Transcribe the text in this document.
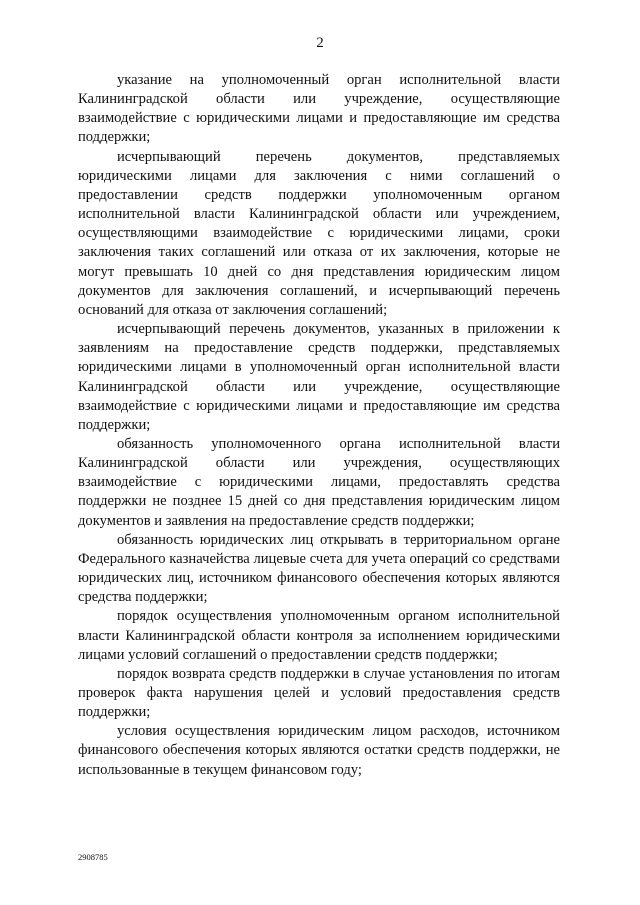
2

указание на уполномоченный орган исполнительной власти Калининградской области или учреждение, осуществляющие взаимодействие с юридическими лицами и предоставляющие им средства поддержки;

исчерпывающий перечень документов, представляемых юридическими лицами для заключения с ними соглашений о предоставлении средств поддержки уполномоченным органом исполнительной власти Калининградской области или учреждением, осуществляющими взаимодействие с юридическими лицами, сроки заключения таких соглашений или отказа от их заключения, которые не могут превышать 10 дней со дня представления юридическим лицом документов для заключения соглашений, и исчерпывающий перечень оснований для отказа от заключения соглашений;

исчерпывающий перечень документов, указанных в приложении к заявлениям на предоставление средств поддержки, представляемых юридическими лицами в уполномоченный орган исполнительной власти Калининградской области или учреждение, осуществляющие взаимодействие с юридическими лицами и предоставляющие им средства поддержки;

обязанность уполномоченного органа исполнительной власти Калининградской области или учреждения, осуществляющих взаимодействие с юридическими лицами, предоставлять средства поддержки не позднее 15 дней со дня представления юридическим лицом документов и заявления на предоставление средств поддержки;

обязанность юридических лиц открывать в территориальном органе Федерального казначейства лицевые счета для учета операций со средствами юридических лиц, источником финансового обеспечения которых являются средства поддержки;

порядок осуществления уполномоченным органом исполнительной власти Калининградской области контроля за исполнением юридическими лицами условий соглашений о предоставлении средств поддержки;

порядок возврата средств поддержки в случае установления по итогам проверок факта нарушения целей и условий предоставления средств поддержки;

условия осуществления юридическим лицом расходов, источником финансового обеспечения которых являются остатки средств поддержки, не использованные в текущем финансовом году;

2908785
